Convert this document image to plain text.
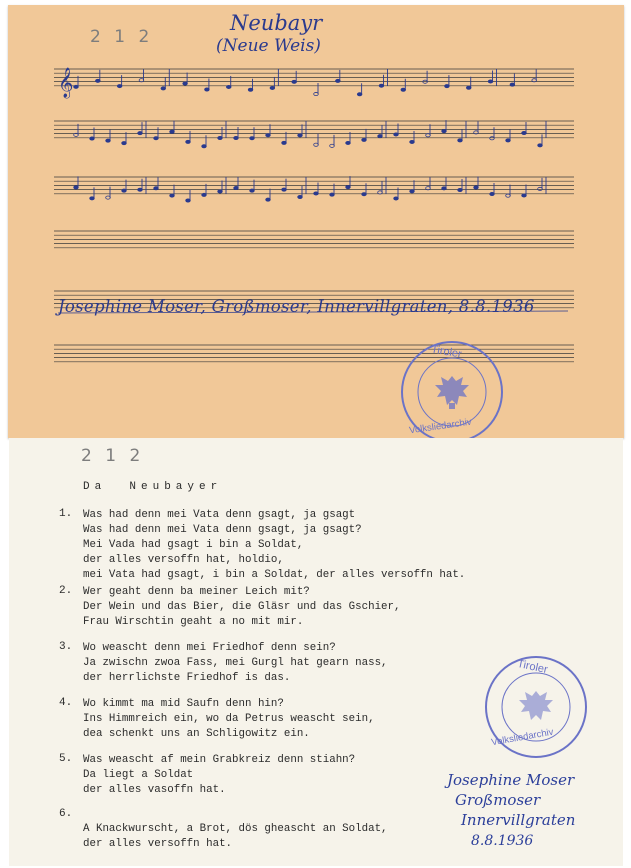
𝄞
2 1 2
Neubayr
(Neue Weis)
Josephine Moser, Großmoser, Innervillgraten, 8.8.1936
Tiroler
Volksliedarchiv
2 1 2
Da  Neubayer
1. Was had denn mei Vata denn gsagt, ja gsagt
Was had denn mei Vata denn gsagt, ja gsagt?
Mei Vada had gsagt i bin a Soldat,
der alles versoffn hat, holdio,
mei Vata had gsagt, i bin a Soldat, der alles versoffn hat.
2. Wer geaht denn ba meiner Leich mit?
Der Wein und das Bier, die Gläsr und das Gschier,
Frau Wirschtin geaht a no mit mir.
3. Wo weascht denn mei Friedhof denn sein?
Ja zwischn zwoa Fass, mei Gurgl hat gearn nass,
der herrlichste Friedhof is das.
4. Wo kimmt ma mid Saufn denn hin?
Ins Himmreich ein, wo da Petrus weascht sein,
dea schenkt uns an Schligowitz ein.
5. Was weascht af mein Grabkreiz denn stiahn?
Da liegt a Soldat
der alles vasoffn hat.
6.
A Knackwurscht, a Brot, dös gheascht an Soldat,
der alles versoffn hat.
Tiroler
Volksliedarchiv
Josephine Moser
Großmoser
Innervillgraten
8.8.1936
